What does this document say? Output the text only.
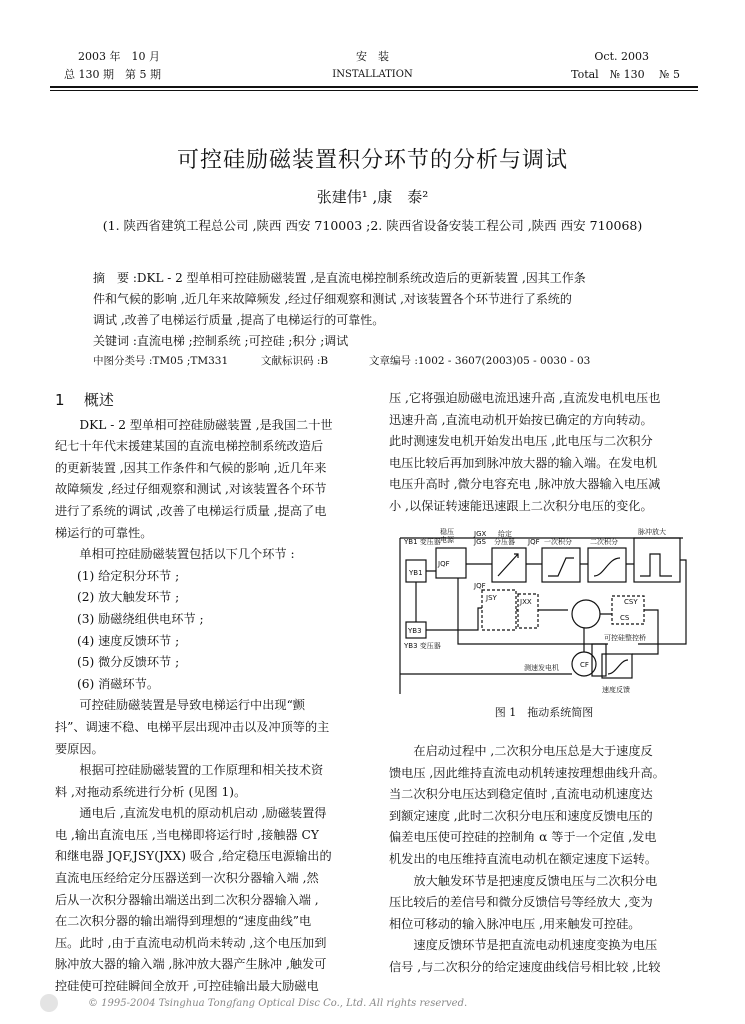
2003 年　10 月
总 130 期　第 5 期
安　装
INSTALLATION
Oct. 2003
Total　№ 130　 № 5
可控硅励磁装置积分环节的分析与调试
张建伟¹ ,康　泰²
(1. 陕西省建筑工程总公司 ,陕西 西安 710003 ;2. 陕西省设备安装工程公司 ,陕西 西安 710068)
摘　要 :DKL - 2 型单相可控硅励磁装置 ,是直流电梯控制系统改造后的更新装置 ,因其工作条
件和气候的影响 ,近几年来故障频发 ,经过仔细观察和测试 ,对该装置各个环节进行了系统的
调试 ,改善了电梯运行质量 ,提高了电梯运行的可靠性。
关键词 :直流电梯 ;控制系统 ;可控硅 ;积分 ;调试
中图分类号 :TM05 ;TM331	文献标识码 :B	文章编号 :1002 - 3607(2003)05 - 0030 - 03

1 概述

DKL - 2 型单相可控硅励磁装置 ,是我国二十世

纪七十年代末援建某国的直流电梯控制系统改造后

的更新装置 ,因其工作条件和气候的影响 ,近几年来

故障频发 ,经过仔细观察和测试 ,对该装置各个环节

进行了系统的调试 ,改善了电梯运行质量 ,提高了电

梯运行的可靠性。

单相可控硅励磁装置包括以下几个环节 :

(1) 给定积分环节 ;

(2) 放大触发环节 ;

(3) 励磁绕组供电环节 ;

(4) 速度反馈环节 ;

(5) 微分反馈环节 ;

(6) 消磁环节。

可控硅励磁装置是导致电梯运行中出现“颤

抖”、调速不稳、电梯平层出现冲击以及冲顶等的主

要原因。

根据可控硅励磁装置的工作原理和相关技术资

料 ,对拖动系统进行分析 (见图 1)。

通电后 ,直流发电机的原动机启动 ,励磁装置得

电 ,输出直流电压 ,当电梯即将运行时 ,接触器 CY

和继电器 JQF,JSY(JXX) 吸合 ,给定稳压电源输出的

直流电压经给定分压器送到一次积分器输入端 ,然

后从一次积分器输出端送出到二次积分器输入端 ,

在二次积分器的输出端得到理想的“速度曲线”电

压。此时 ,由于直流电动机尚未转动 ,这个电压加到

脉冲放大器的输入端 ,脉冲放大器产生脉冲 ,触发可

控硅使可控硅瞬间全放开 ,可控硅输出最大励磁电

压 ,它将强迫励磁电流迅速升高 ,直流发电机电压也

迅速升高 ,直流电动机开始按已确定的方向转动。

此时测速发电机开始发出电压 ,此电压与二次积分

电压比较后再加到脉冲放大器的输入端。在发电机

电压升高时 ,微分电容充电 ,脉冲放大器输入电压减

小 ,以保证转速能迅速跟上二次积分电压的变化。

YB1 变压器
YB1
稳压
电源
JQF
JGX
JGS
JQF
给定
分压器 JQF 一次积分	二次积分
脉冲放大
JSY	JXX	CSY
CS
YB3
YB3 变压器
可控硅整控桥
测速发电机	CF
速度反馈
图 1　拖动系统简图

在启动过程中 ,二次积分电压总是大于速度反

馈电压 ,因此维持直流电动机转速按理想曲线升高。

当二次积分电压达到稳定值时 ,直流电动机速度达

到额定速度 ,此时二次积分电压和速度反馈电压的

偏差电压使可控硅的控制角 α 等于一个定值 ,发电

机发出的电压维持直流电动机在额定速度下运转。

放大触发环节是把速度反馈电压与二次积分电

压比较后的差信号和微分反馈信号等经放大 ,变为

相位可移动的输入脉冲电压 ,用来触发可控硅。

速度反馈环节是把直流电动机速度变换为电压

信号 ,与二次积分的给定速度曲线信号相比较 ,比较

© 1995-2004 Tsinghua Tongfang Optical Disc Co., Ltd. All rights reserved.
